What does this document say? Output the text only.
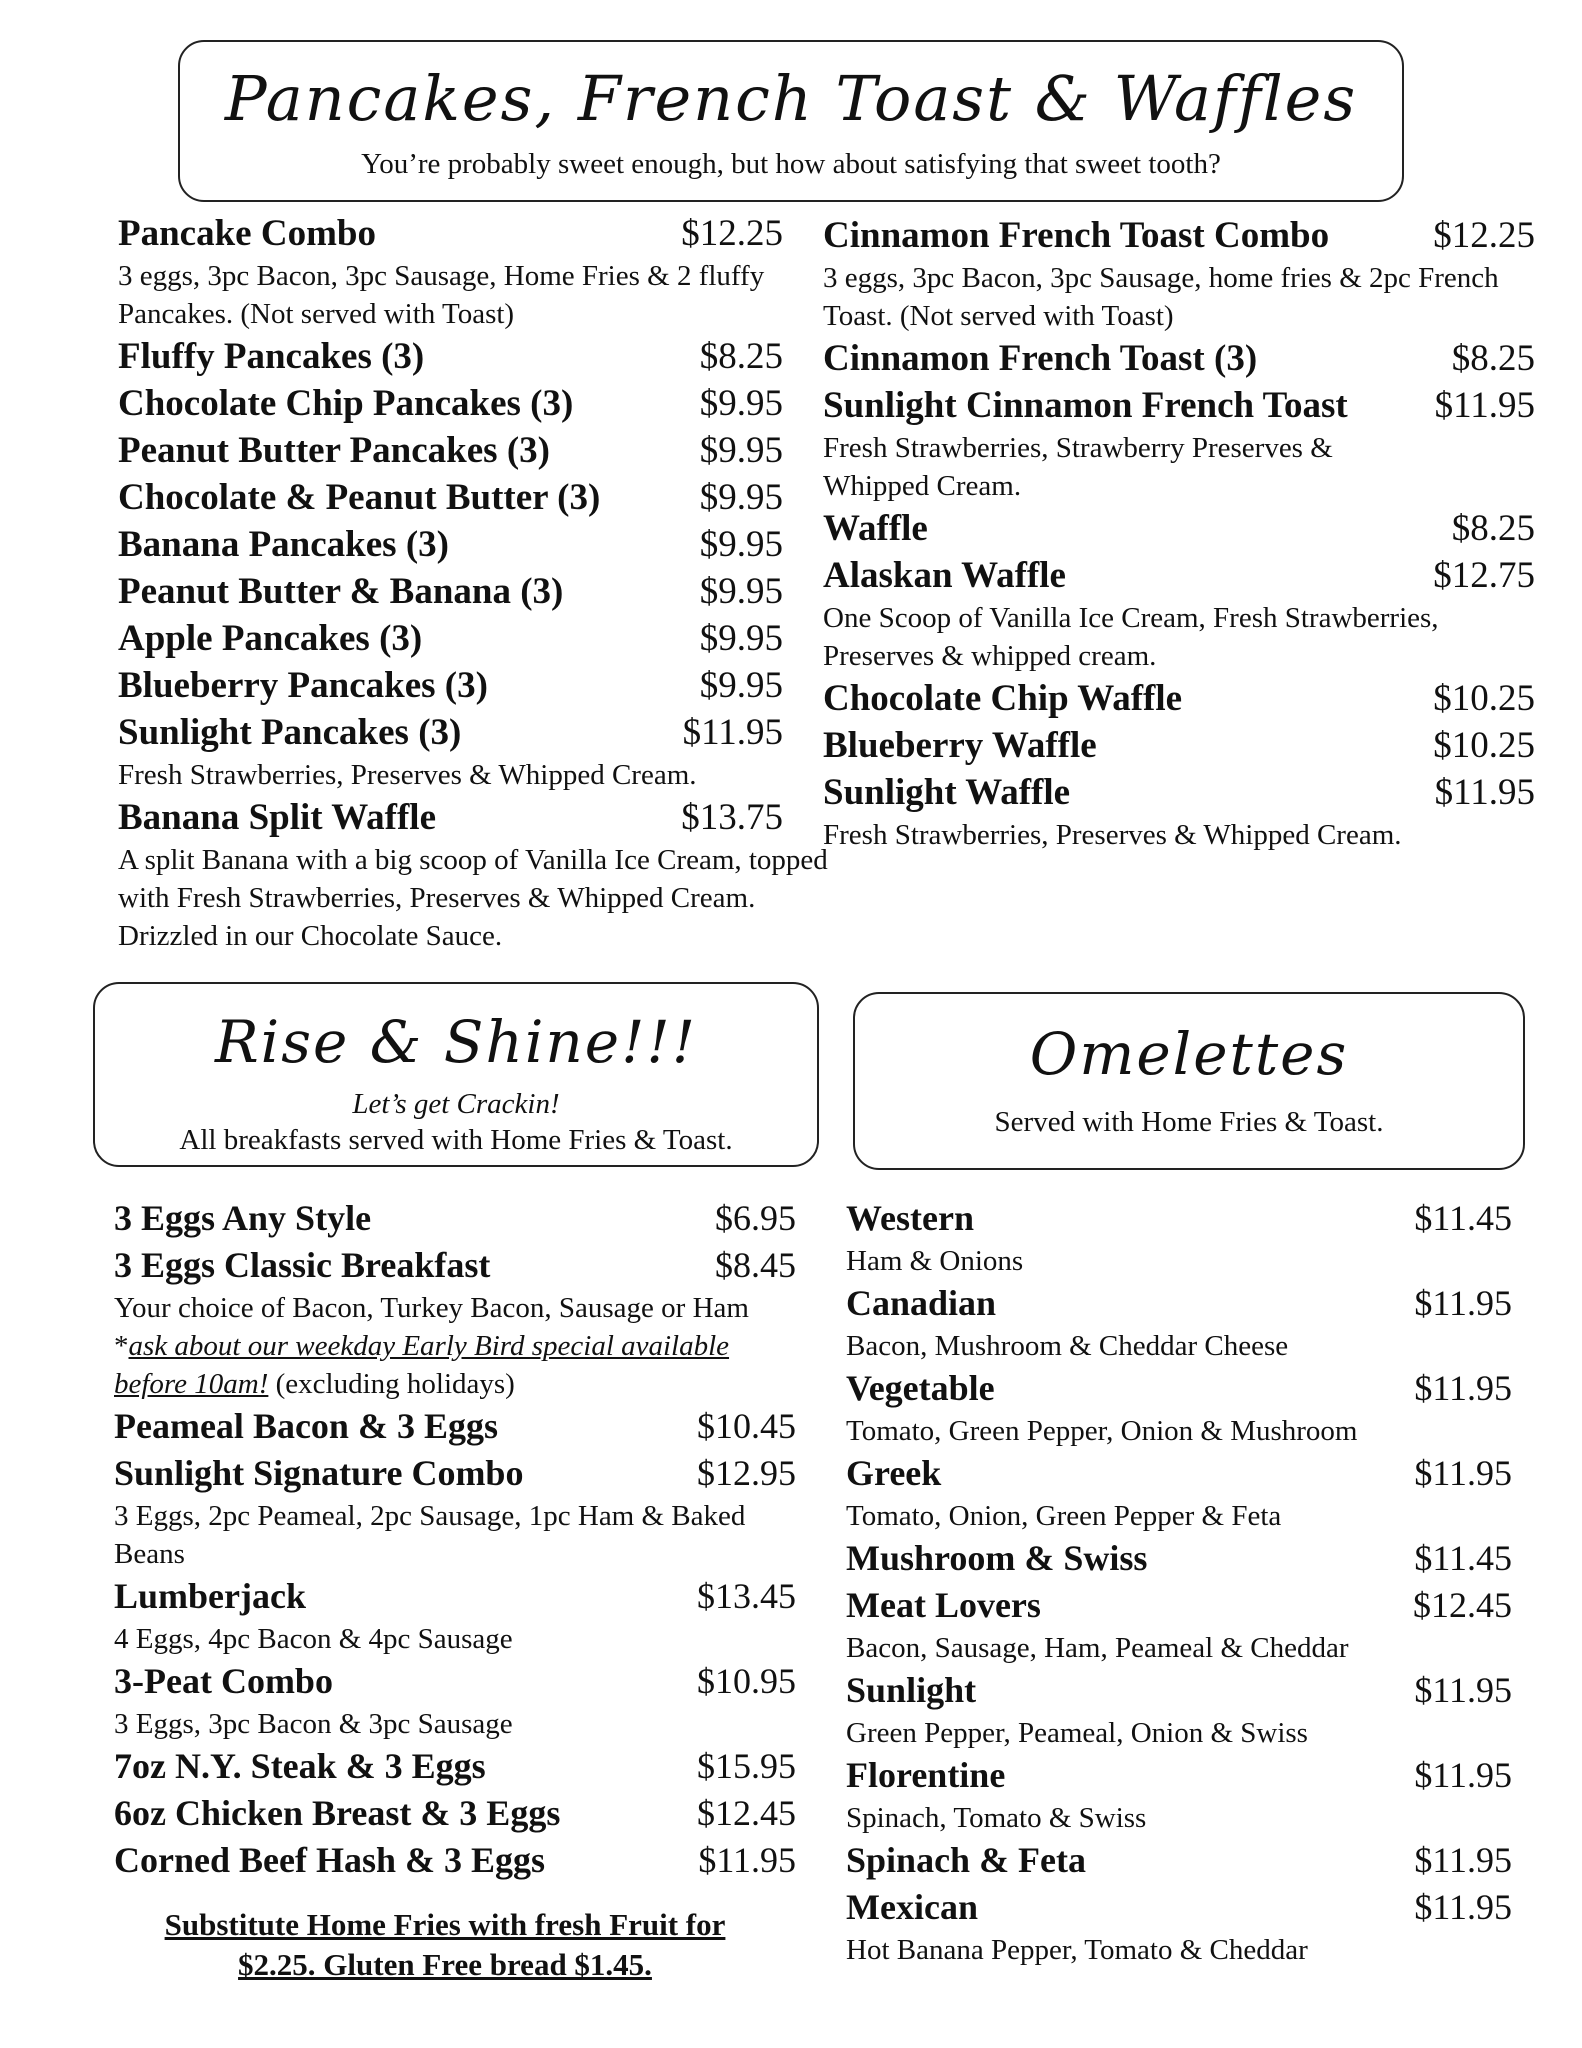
Pancakes, French Toast & Waffles
You’re probably sweet enough, but how about satisfying that sweet tooth?
Pancake Combo	$12.25
3 eggs, 3pc Bacon, 3pc Sausage, Home Fries & 2 fluffy Pancakes. (Not served with Toast)
Fluffy Pancakes (3)	$8.25
Chocolate Chip Pancakes (3)	$9.95
Peanut Butter Pancakes (3)	$9.95
Chocolate & Peanut Butter (3)	$9.95
Banana Pancakes (3)	$9.95
Peanut Butter & Banana (3)	$9.95
Apple Pancakes (3)	$9.95
Blueberry Pancakes (3)	$9.95
Sunlight Pancakes (3)	$11.95
Fresh Strawberries, Preserves & Whipped Cream.
Banana Split Waffle	$13.75
A split Banana with a big scoop of Vanilla Ice Cream, topped with Fresh Strawberries, Preserves & Whipped Cream. Drizzled in our Chocolate Sauce.
Cinnamon French Toast Combo	$12.25
3 eggs, 3pc Bacon, 3pc Sausage, home fries & 2pc French Toast. (Not served with Toast)
Cinnamon French Toast (3)	$8.25
Sunlight Cinnamon French Toast $11.95
Fresh Strawberries, Strawberry Preserves & Whipped Cream.
Waffle	$8.25
Alaskan Waffle	$12.75
One Scoop of Vanilla Ice Cream, Fresh Strawberries, Preserves & whipped cream.
Chocolate Chip Waffle	$10.25
Blueberry Waffle	$10.25
Sunlight Waffle	$11.95
Fresh Strawberries, Preserves & Whipped Cream.
Rise & Shine!!!
Let’s get Crackin!
All breakfasts served with Home Fries & Toast.
Omelettes
Served with Home Fries & Toast.
3 Eggs Any Style	$6.95
3 Eggs Classic Breakfast	$8.45
Your choice of Bacon, Turkey Bacon, Sausage or Ham *ask about our weekday Early Bird special available before 10am! (excluding holidays)
Peameal Bacon & 3 Eggs	$10.45
Sunlight Signature Combo	$12.95
3 Eggs, 2pc Peameal, 2pc Sausage, 1pc Ham & Baked Beans
Lumberjack	$13.45
4 Eggs, 4pc Bacon & 4pc Sausage
3-Peat Combo	$10.95
3 Eggs, 3pc Bacon & 3pc Sausage
7oz N.Y. Steak & 3 Eggs	$15.95
6oz Chicken Breast & 3 Eggs	$12.45
Corned Beef Hash & 3 Eggs	$11.95
Substitute Home Fries with fresh Fruit for
$2.25. Gluten Free bread $1.45.
Western	$11.45
Ham & Onions
Canadian	$11.95
Bacon, Mushroom & Cheddar Cheese
Vegetable	$11.95
Tomato, Green Pepper, Onion & Mushroom
Greek	$11.95
Tomato, Onion, Green Pepper & Feta
Mushroom & Swiss	$11.45
Meat Lovers	$12.45
Bacon, Sausage, Ham, Peameal & Cheddar
Sunlight	$11.95
Green Pepper, Peameal, Onion & Swiss
Florentine	$11.95
Spinach, Tomato & Swiss
Spinach & Feta	$11.95
Mexican	$11.95
Hot Banana Pepper, Tomato & Cheddar
